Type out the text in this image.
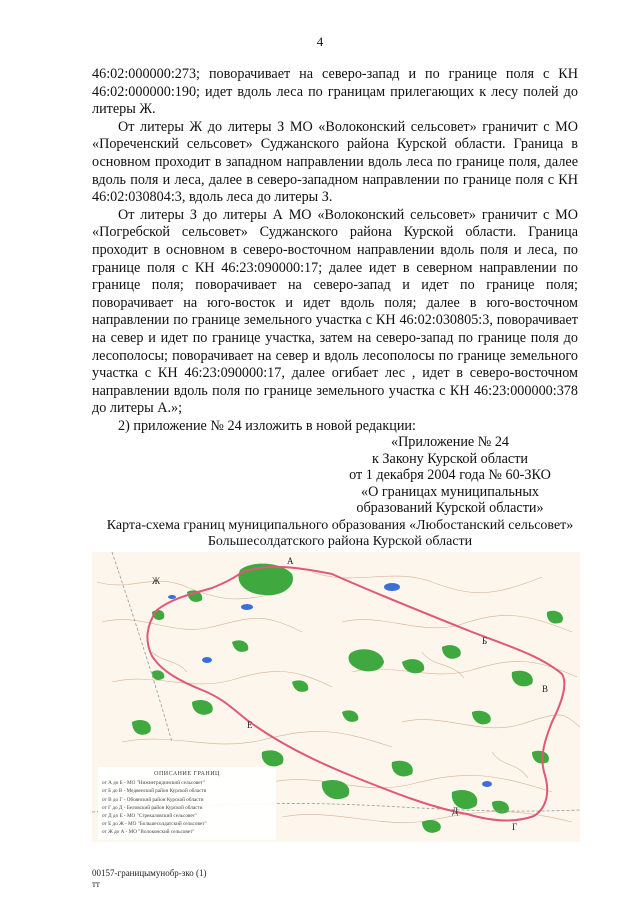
4

46:02:000000:273; поворачивает на северо-запад и по границе поля с КН 46:02:000000:190; идет вдоль леса по границам прилегающих к лесу полей до литеры Ж.

От литеры Ж до литеры З МО «Волоконский сельсовет» граничит с МО «Пореченский сельсовет» Суджанского района Курской области. Граница в основном проходит в западном направлении вдоль леса по границе поля, далее вдоль поля и леса, далее в северо-западном направлении по границе поля с КН 46:02:030804:3, вдоль леса до литеры З.

От литеры З до литеры А МО «Волоконский сельсовет» граничит с МО «Погребской сельсовет» Суджанского района Курской области. Граница проходит в основном в северо-восточном направлении вдоль поля и леса, по границе поля с КН 46:23:090000:17; далее идет в северном направлении по границе поля; поворачивает на северо-запад и идет по границе поля; поворачивает на юго-восток и идет вдоль поля; далее в юго-восточном направлении по границе земельного участка с КН 46:02:030805:3, поворачивает на север и идет по границе участка, затем на северо-запад по границе поля до лесополосы; поворачивает на север и вдоль лесополосы по границе земельного участка с КН 46:23:090000:17, далее огибает лес , идет в северо-восточном направлении вдоль поля по границе земельного участка с КН 46:23:000000:378 до литеры А.»;

2) приложение № 24 изложить в новой редакции:

«Приложение № 24
к Закону Курской области
от 1 декабря 2004 года № 60-ЗКО
«О границах муниципальных
образований Курской области»
Карта-схема границ муниципального образования «Любостанский сельсовет»
Большесолдатского района Курской области
А
Б
В
Г
Д
Е
Ж
ОПИСАНИЕ ГРАНИЦ
от А до Б - МО "Нижнегридинский сельсовет"
от Б до В - Медвенский район Курской области
от В до Г - Обоянский район Курской области
от Г до Д - Беловский район Курской области
от Д до Е - МО "Стрекаловский сельсовет"
от Е до Ж - МО "Большесолдатский сельсовет"
от Ж до А - МО "Волоконский сельсовет"
00157-границымунобр-зко (1)
тт
